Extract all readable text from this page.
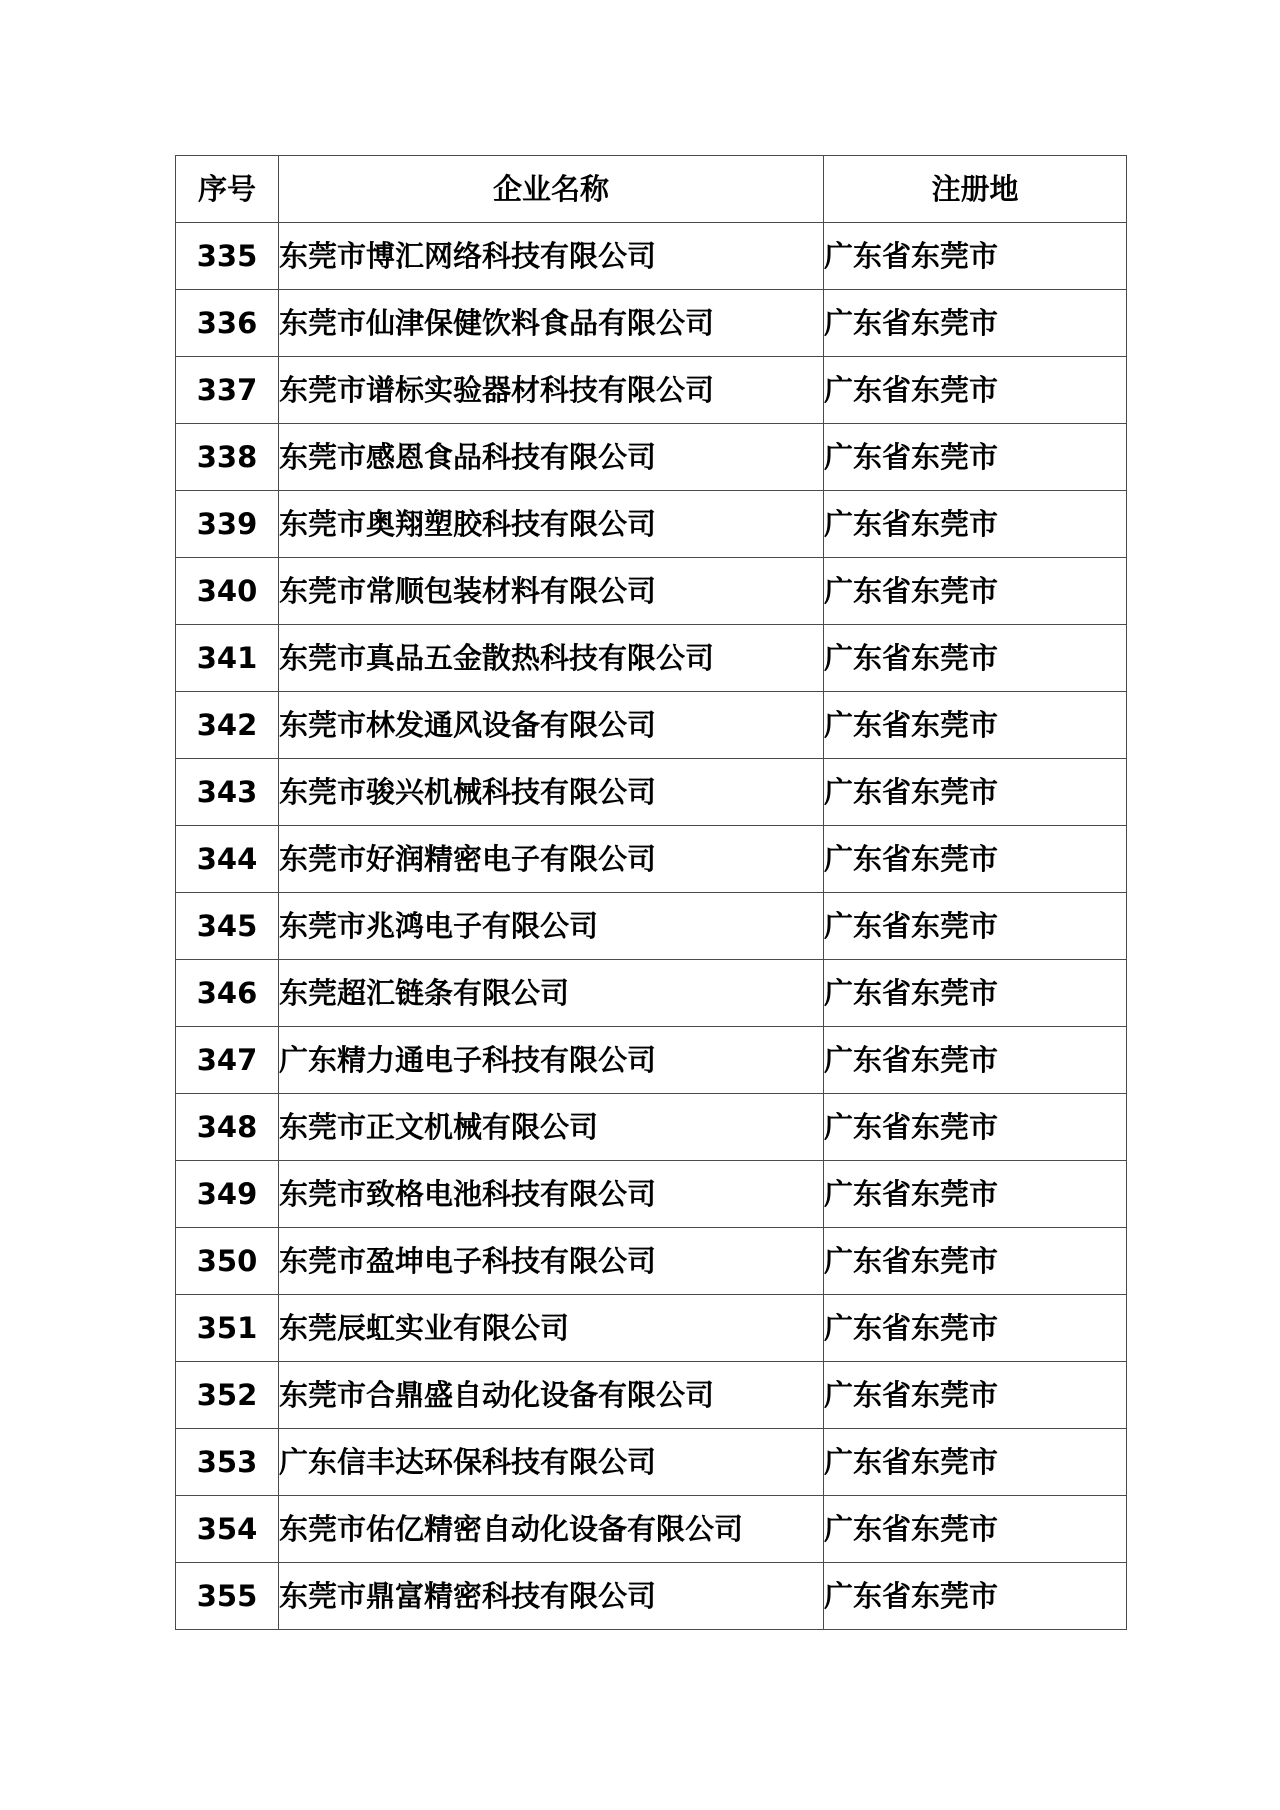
序号	企业名称	注册地
335	东莞市博汇网络科技有限公司	广东省东莞市
336	东莞市仙津保健饮料食品有限公司	广东省东莞市
337	东莞市谱标实验器材科技有限公司	广东省东莞市
338	东莞市感恩食品科技有限公司	广东省东莞市
339	东莞市奥翔塑胶科技有限公司	广东省东莞市
340	东莞市常顺包装材料有限公司	广东省东莞市
341	东莞市真品五金散热科技有限公司	广东省东莞市
342	东莞市林发通风设备有限公司	广东省东莞市
343	东莞市骏兴机械科技有限公司	广东省东莞市
344	东莞市好润精密电子有限公司	广东省东莞市
345	东莞市兆鸿电子有限公司	广东省东莞市
346	东莞超汇链条有限公司	广东省东莞市
347	广东精力通电子科技有限公司	广东省东莞市
348	东莞市正文机械有限公司	广东省东莞市
349	东莞市致格电池科技有限公司	广东省东莞市
350	东莞市盈坤电子科技有限公司	广东省东莞市
351	东莞辰虹实业有限公司	广东省东莞市
352	东莞市合鼎盛自动化设备有限公司	广东省东莞市
353	广东信丰达环保科技有限公司	广东省东莞市
354	东莞市佑亿精密自动化设备有限公司	广东省东莞市
355	东莞市鼎富精密科技有限公司	广东省东莞市
